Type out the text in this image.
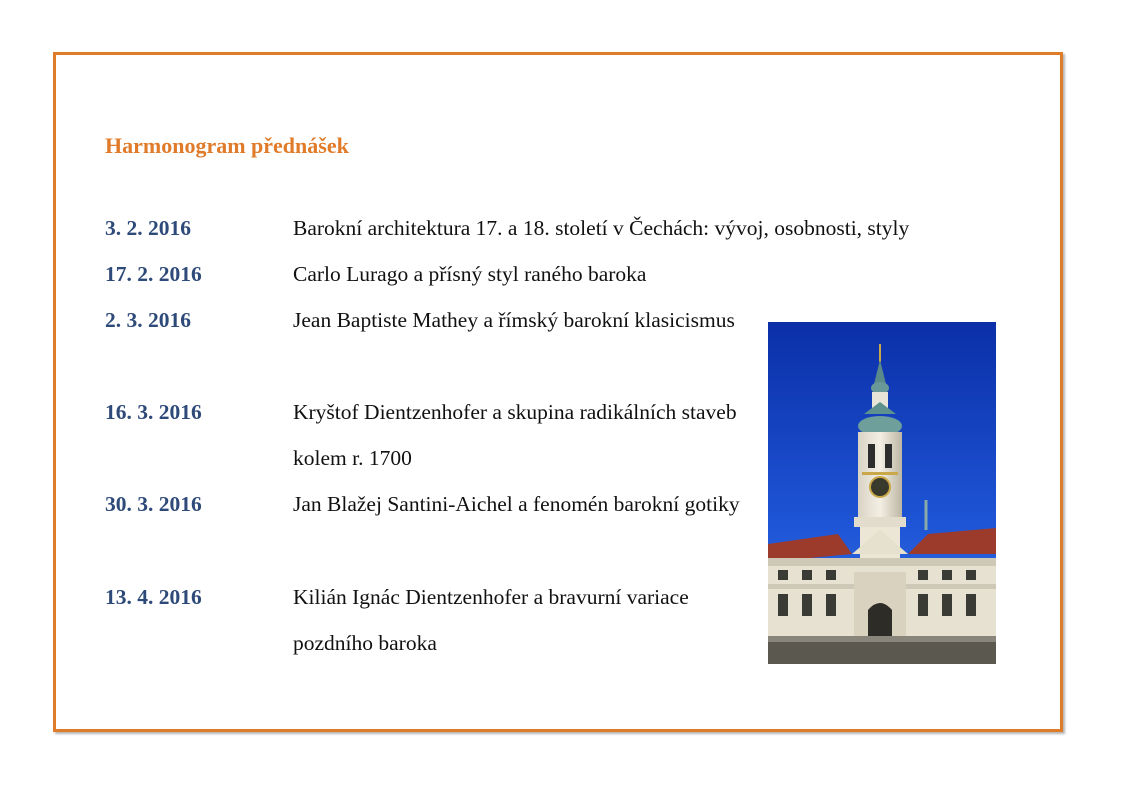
Harmonogram přednášek
3. 2. 2016	Barokní architektura 17. a 18. století v Čechách: vývoj, osobnosti, styly
17. 2. 2016	Carlo Lurago a přísný styl raného baroka
2. 3. 2016	Jean Baptiste Mathey a římský barokní klasicismus
16. 3. 2016	Kryštof Dientzenhofer a skupina radikálních staveb kolem r. 1700
30. 3. 2016	Jan Blažej Santini-Aichel a fenomén barokní gotiky
13. 4. 2016	Kilián Ignác Dientzenhofer a bravurní variace pozdního baroka
